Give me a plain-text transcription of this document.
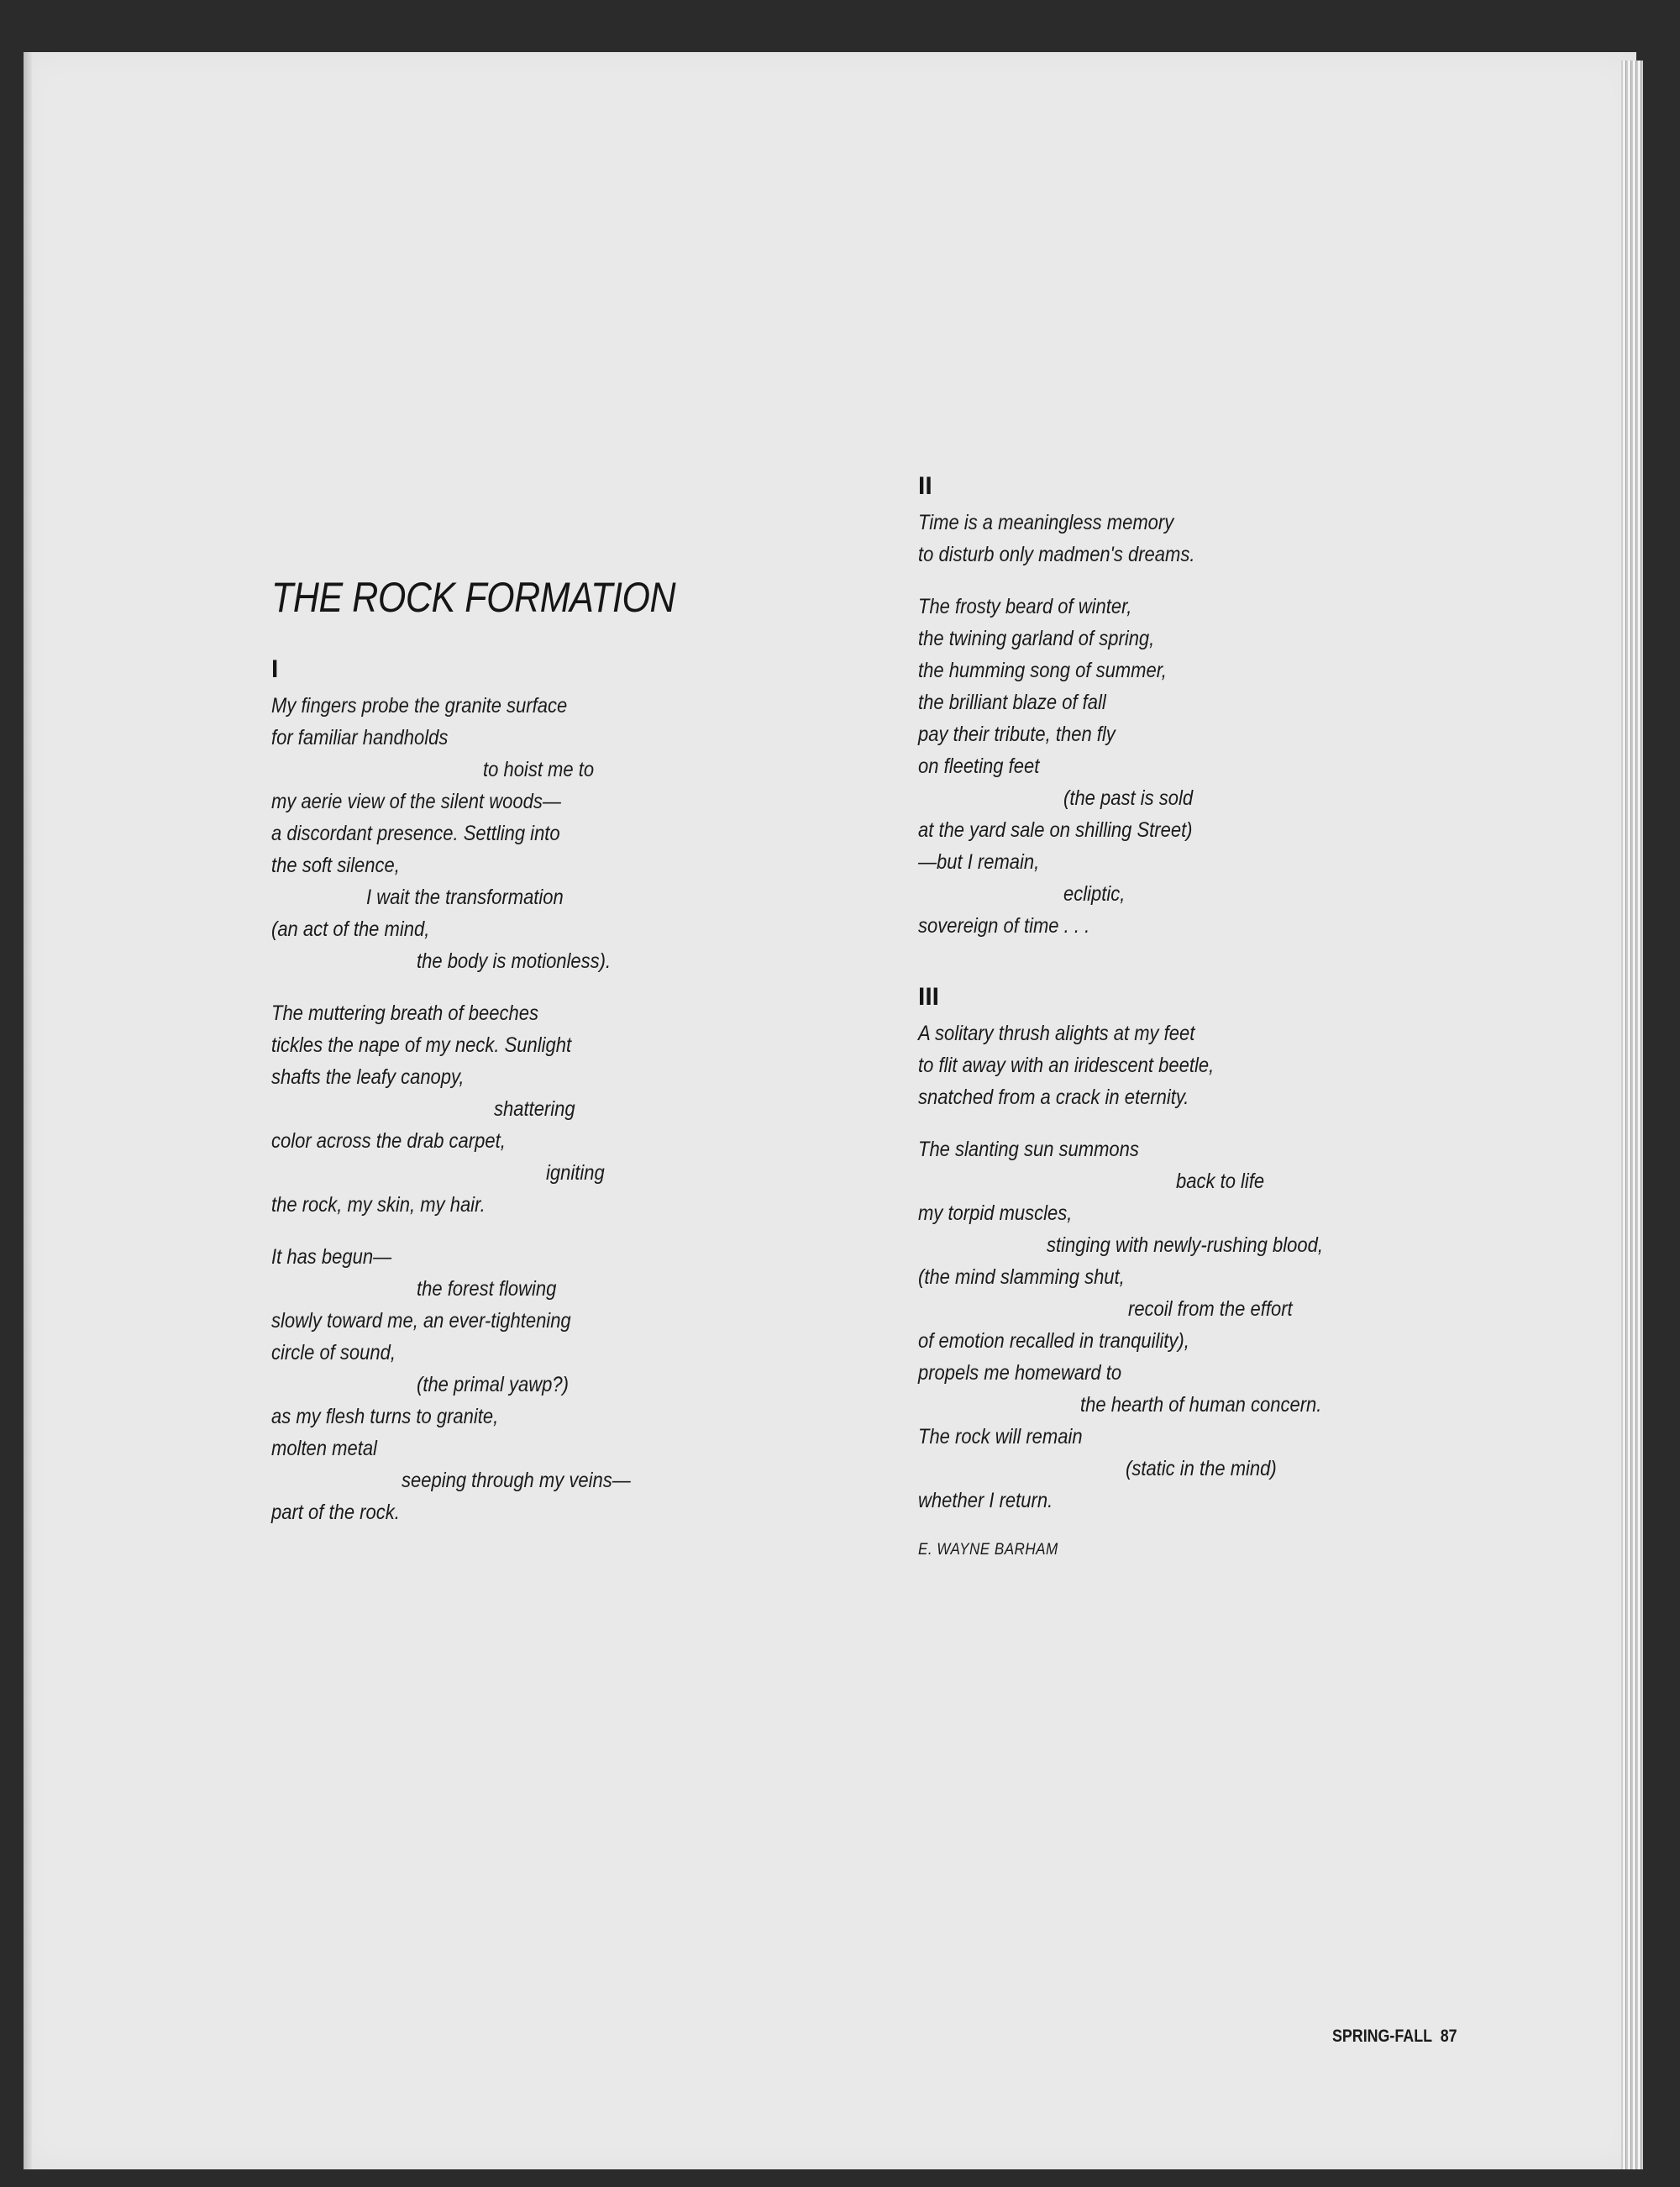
THE ROCK FORMATION
I
My fingers probe the granite surface
for familiar handholds
to hoist me to
my aerie view of the silent woods—
a discordant presence. Settling into
the soft silence,
I wait the transformation
(an act of the mind,
the body is motionless).
The muttering breath of beeches
tickles the nape of my neck. Sunlight
shafts the leafy canopy,
shattering
color across the drab carpet,
igniting
the rock, my skin, my hair.
It has begun—
the forest flowing
slowly toward me, an ever-tightening
circle of sound,
(the primal yawp?)
as my flesh turns to granite,
molten metal
seeping through my veins—
part of the rock.
II
Time is a meaningless memory
to disturb only madmen's dreams.
The frosty beard of winter,
the twining garland of spring,
the humming song of summer,
the brilliant blaze of fall
pay their tribute, then fly
on fleeting feet
(the past is sold
at the yard sale on shilling Street)
—but I remain,
ecliptic,
sovereign of time . . .
III
A solitary thrush alights at my feet
to flit away with an iridescent beetle,
snatched from a crack in eternity.
The slanting sun summons
back to life
my torpid muscles,
stinging with newly-rushing blood,
(the mind slamming shut,
recoil from the effort
of emotion recalled in tranquility),
propels me homeward to
the hearth of human concern.
The rock will remain
(static in the mind)
whether I return.
E. WAYNE BARHAM
SPRING-FALL 87
